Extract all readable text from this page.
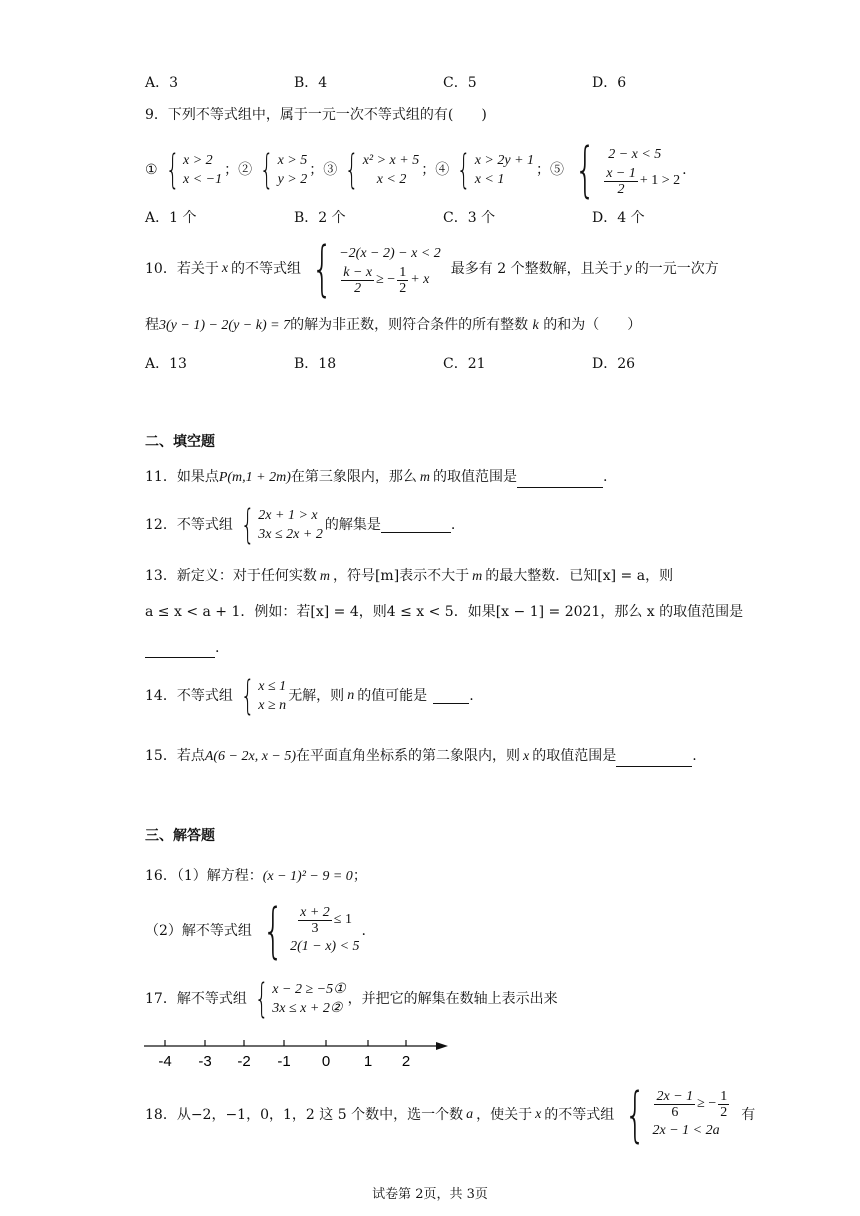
A．3	B．4	C．5	D．6
9．下列不等式组中，属于一元一次不等式组的有( )
① { x > 2
x < −1
；② { x > 5
y > 2
；③ { x² > x + 5
x < 2
；④ { x > 2y + 1
x < 1
；⑤ { 2 − x < 5
$\frac{x - 1}{2} + 1 > 2$
.
A．1 个	B．2 个	C．3 个	D．4 个
10．若关于 x 的不等式组 { −2(x − 2) − x < 2
$\frac{k - x}{2}$ ≥ − $\frac{1}{2} + x$
最多有 2 个整数解，且关于 y 的一元一次方
程3(y − 1) − 2(y − k) = 7的解为非正数，则符合条件的所有整数 k 的和为（　　）
A．13	B．18	C．21	D．26
二、填空题
11．如果点P(m,1 + 2m)在第三象限内，那么 m 的取值范围是	.
12．不等式组 { 2x + 1 > x
3x ≤ 2x + 2
的解集是	.
13．新定义：对于任何实数 m ，符号[m]表示不大于 m 的最大整数．已知[x] = a，则
a ≤ x < a + 1．例如：若[x] = 4，则4 ≤ x < 5．如果[x − 1] = 2021，那么 x 的取值范围是
.
14．不等式组 { x ≤ 1
x ≥ n
无解，则 n 的值可能是	.
15．若点A(6 − 2x, x − 5)在平面直角坐标系的第二象限内，则 x 的取值范围是	.
三、解答题
16．（1）解方程：(x − 1)² − 9 = 0；
（2）解不等式组 { $\frac{x + 2}{3} \le 1$
2(1 − x) < 5
.
17．解不等式组 { x − 2 ≥ −5①
3x ≤ x + 2②
，并把它的解集在数轴上表示出来
-4 -3 -2 -1 0 1 2
18．从−2，−1，0，1，2 这 5 个数中，选一个数 a ，使关于 x 的不等式组 { $\frac{2x - 1}{6}$ ≥ − $\frac{1}{2}$
2x − 1 < 2a
有
试卷第 2页，共 3页
